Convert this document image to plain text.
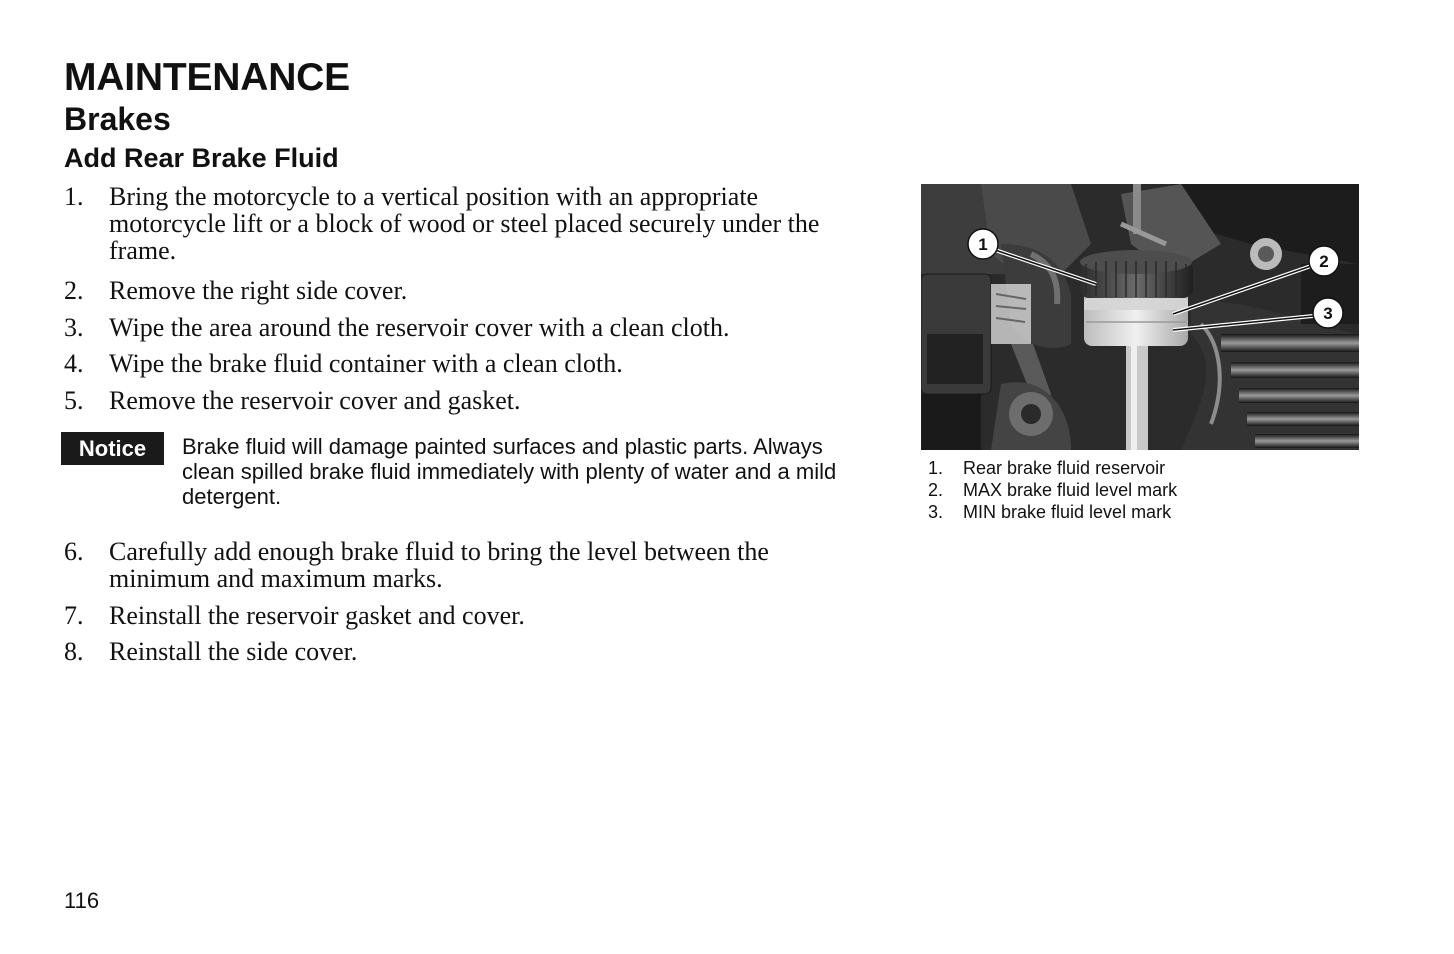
MAINTENANCE
Brakes
Add Rear Brake Fluid
1. Bring the motorcycle to a vertical position with an appropriate motorcycle lift or a block of wood or steel placed securely under the frame.
2. Remove the right side cover.
3. Wipe the area around the reservoir cover with a clean cloth.
4. Wipe the brake fluid container with a clean cloth.
5. Remove the reservoir cover and gasket.
Notice	Brake fluid will damage painted surfaces and plastic parts. Always clean spilled brake fluid immediately with plenty of water and a mild detergent.

6. Carefully add enough brake fluid to bring the level between the minimum and maximum marks.
7. Reinstall the reservoir gasket and cover.
8. Reinstall the side cover.
1
2
3
1. Rear brake fluid reservoir
2. MAX brake fluid level mark
3. MIN brake fluid level mark
116
